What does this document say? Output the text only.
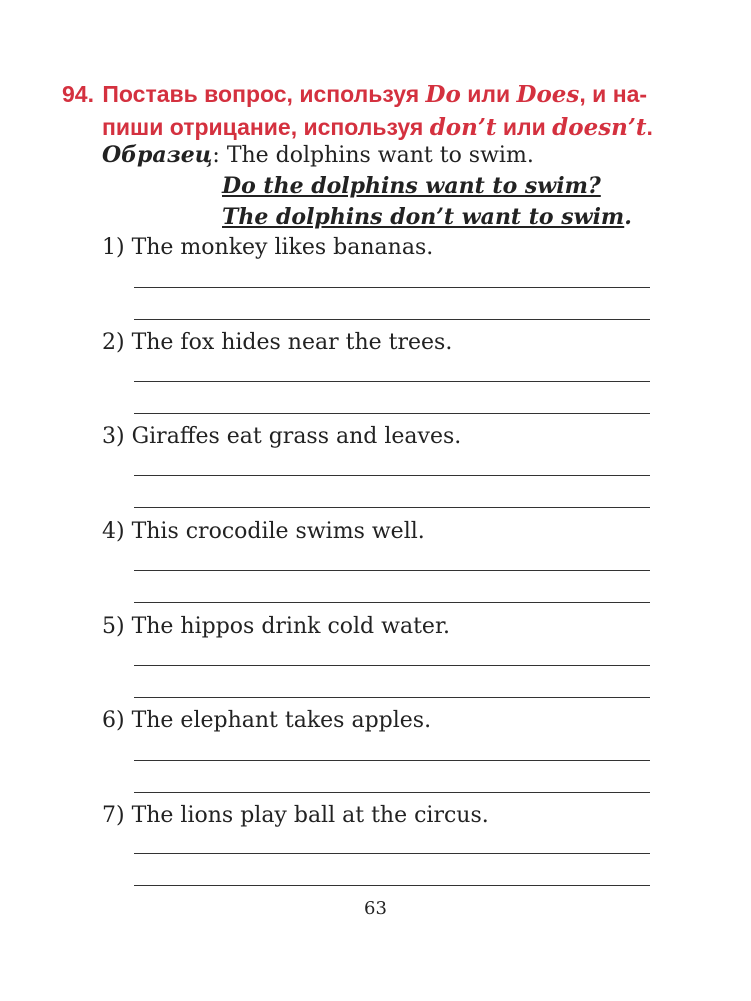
94. Поставь вопрос, используя Do или Does, и на-
пиши отрицание, используя don’t или doesn’t.
Образец: The dolphins want to swim.
Do the dolphins want to swim?
The dolphins don’t want to swim.
1) The monkey likes bananas.
2) The fox hides near the trees.
3) Giraffes eat grass and leaves.
4) This crocodile swims well.
5) The hippos drink cold water.
6) The elephant takes apples.
7) The lions play ball at the circus.
63
